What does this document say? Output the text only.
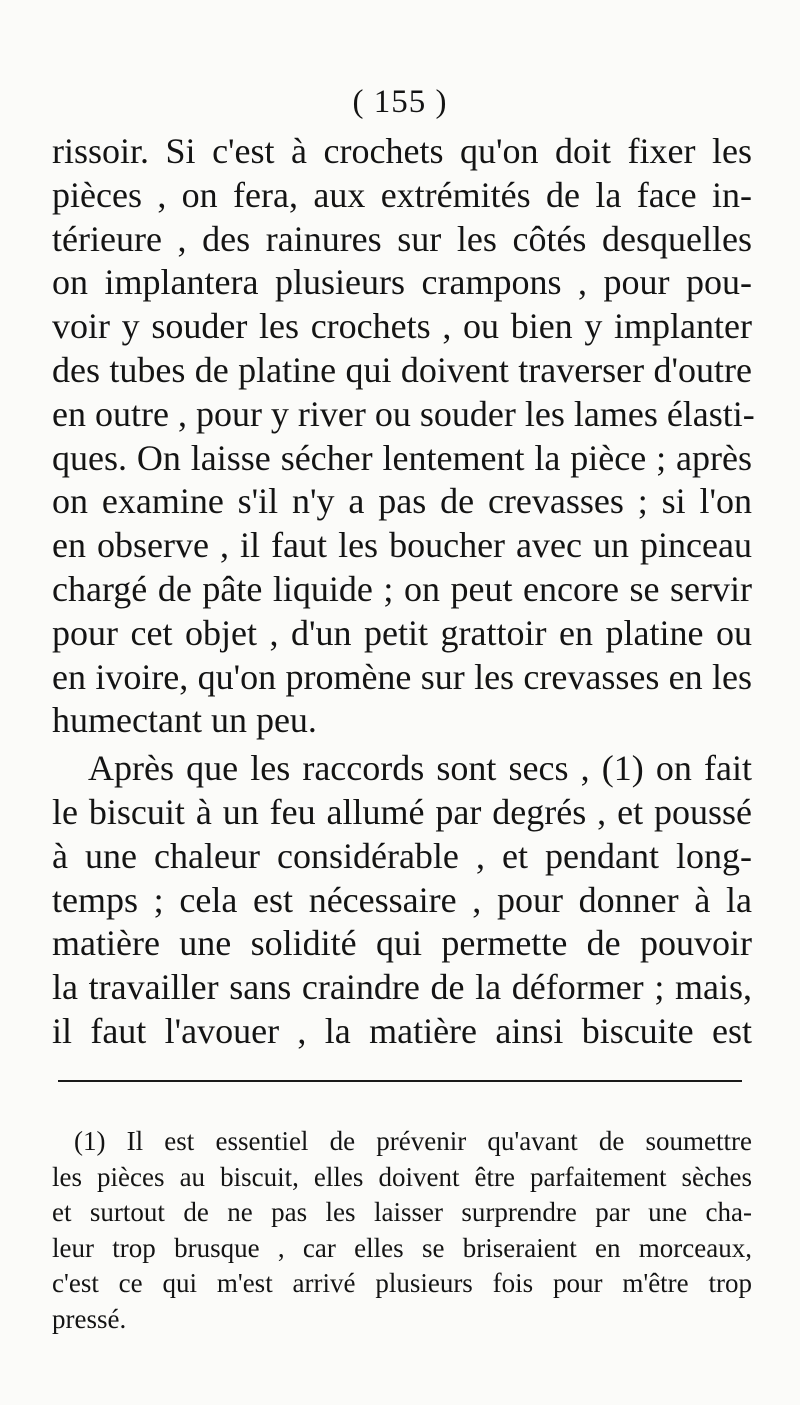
( 155 )
rissoir. Si c'est à crochets qu'on doit fixer les
pièces , on fera, aux extrémités de la face in-
térieure , des rainures sur les côtés desquelles
on implantera plusieurs crampons , pour pou-
voir y souder les crochets , ou bien y implanter
des tubes de platine qui doivent traverser d'outre
en outre , pour y river ou souder les lames élasti-
ques. On laisse sécher lentement la pièce ; après
on examine s'il n'y a pas de crevasses ; si l'on
en observe , il faut les boucher avec un pinceau
chargé de pâte liquide ; on peut encore se servir
pour cet objet , d'un petit grattoir en platine ou
en ivoire, qu'on promène sur les crevasses en les
humectant un peu.
Après que les raccords sont secs , (1) on fait
le biscuit à un feu allumé par degrés , et poussé
à une chaleur considérable , et pendant long-
temps ; cela est nécessaire , pour donner à la
matière une solidité qui permette de pouvoir
la travailler sans craindre de la déformer ; mais,
il faut l'avouer , la matière ainsi biscuite est
(1) Il est essentiel de prévenir qu'avant de soumettre
les pièces au biscuit, elles doivent être parfaitement sèches
et surtout de ne pas les laisser surprendre par une cha-
leur trop brusque , car elles se briseraient en morceaux,
c'est ce qui m'est arrivé plusieurs fois pour m'être trop
pressé.
